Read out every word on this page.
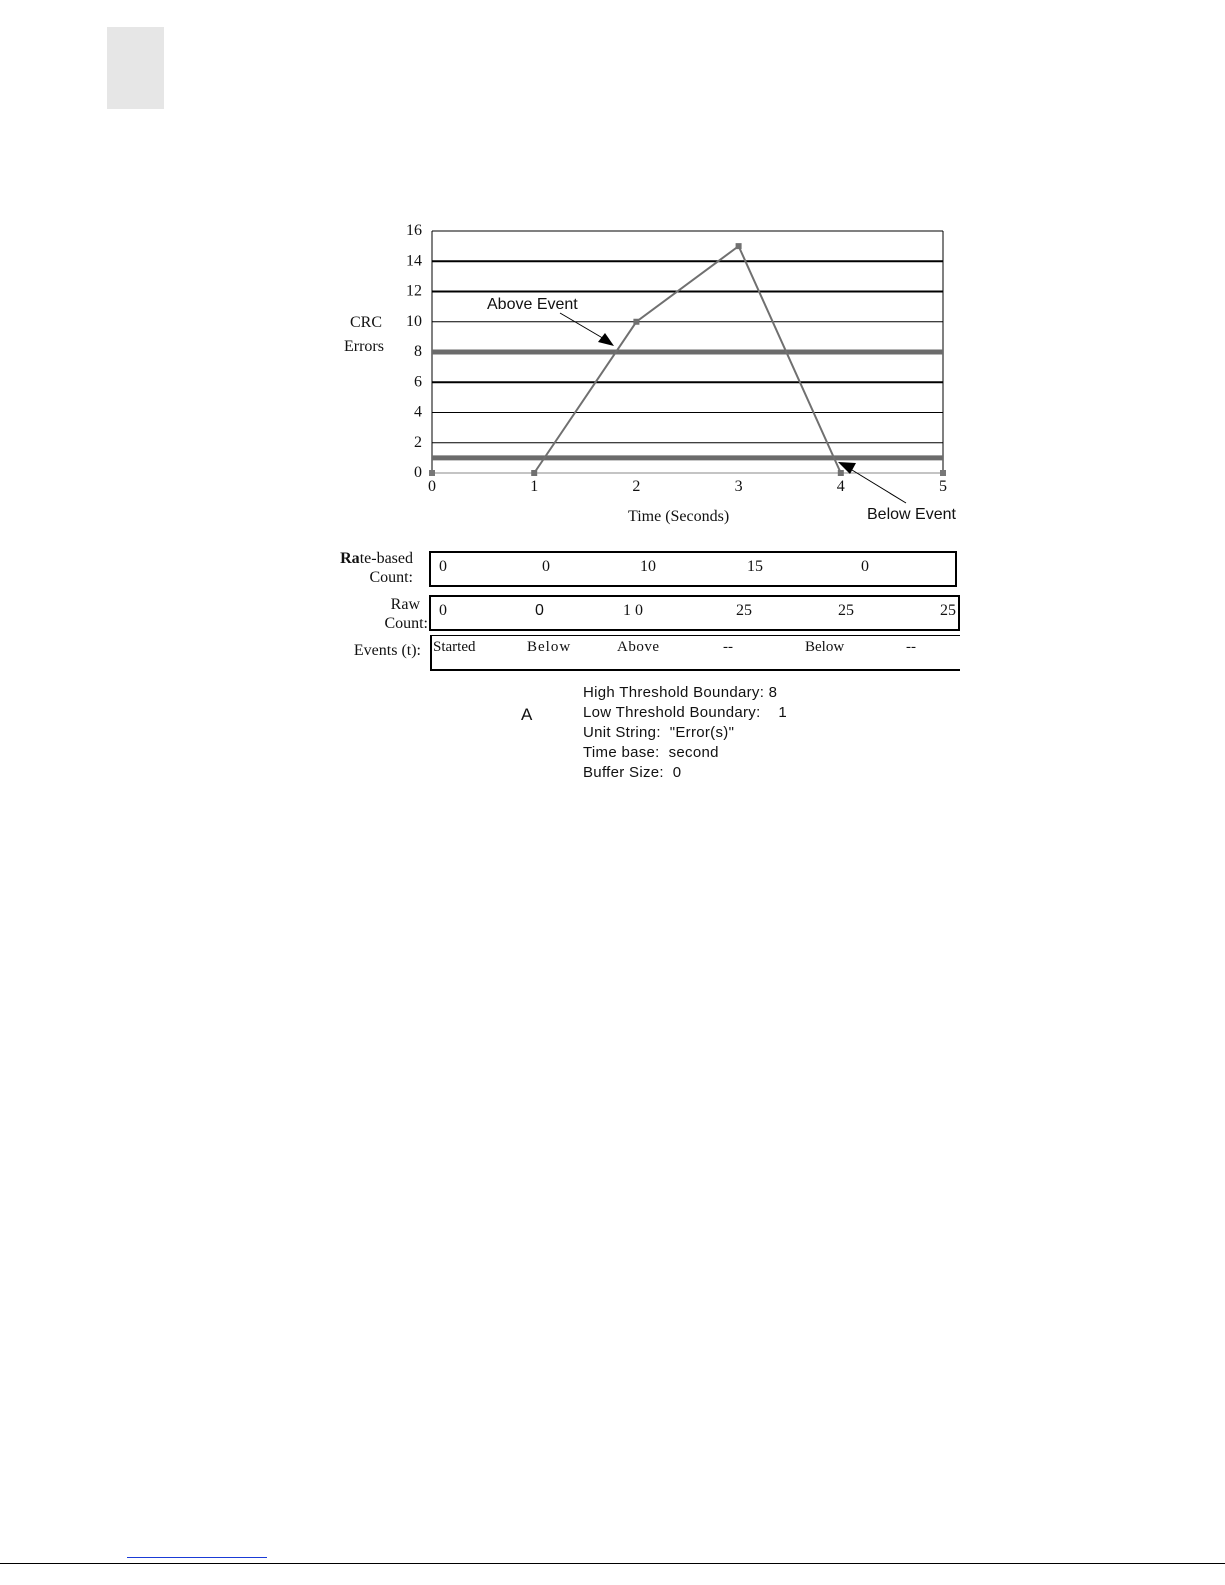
0
2
4
6
8
10
12
14
16
0	1	2	3	4	5
CRC
Errors
Time (Seconds)
Above Event
Below Event
Rate-based
Count:
0	0	10	15	0
Raw
Count:
0	0	1 0	25	25	25
Events (t): Started	Below	Above	--	Below	--
A
High Threshold Boundary: 8
Low Threshold Boundary:    1
Unit String:  "Error(s)"
Time base:  second
Buffer Size:  0
